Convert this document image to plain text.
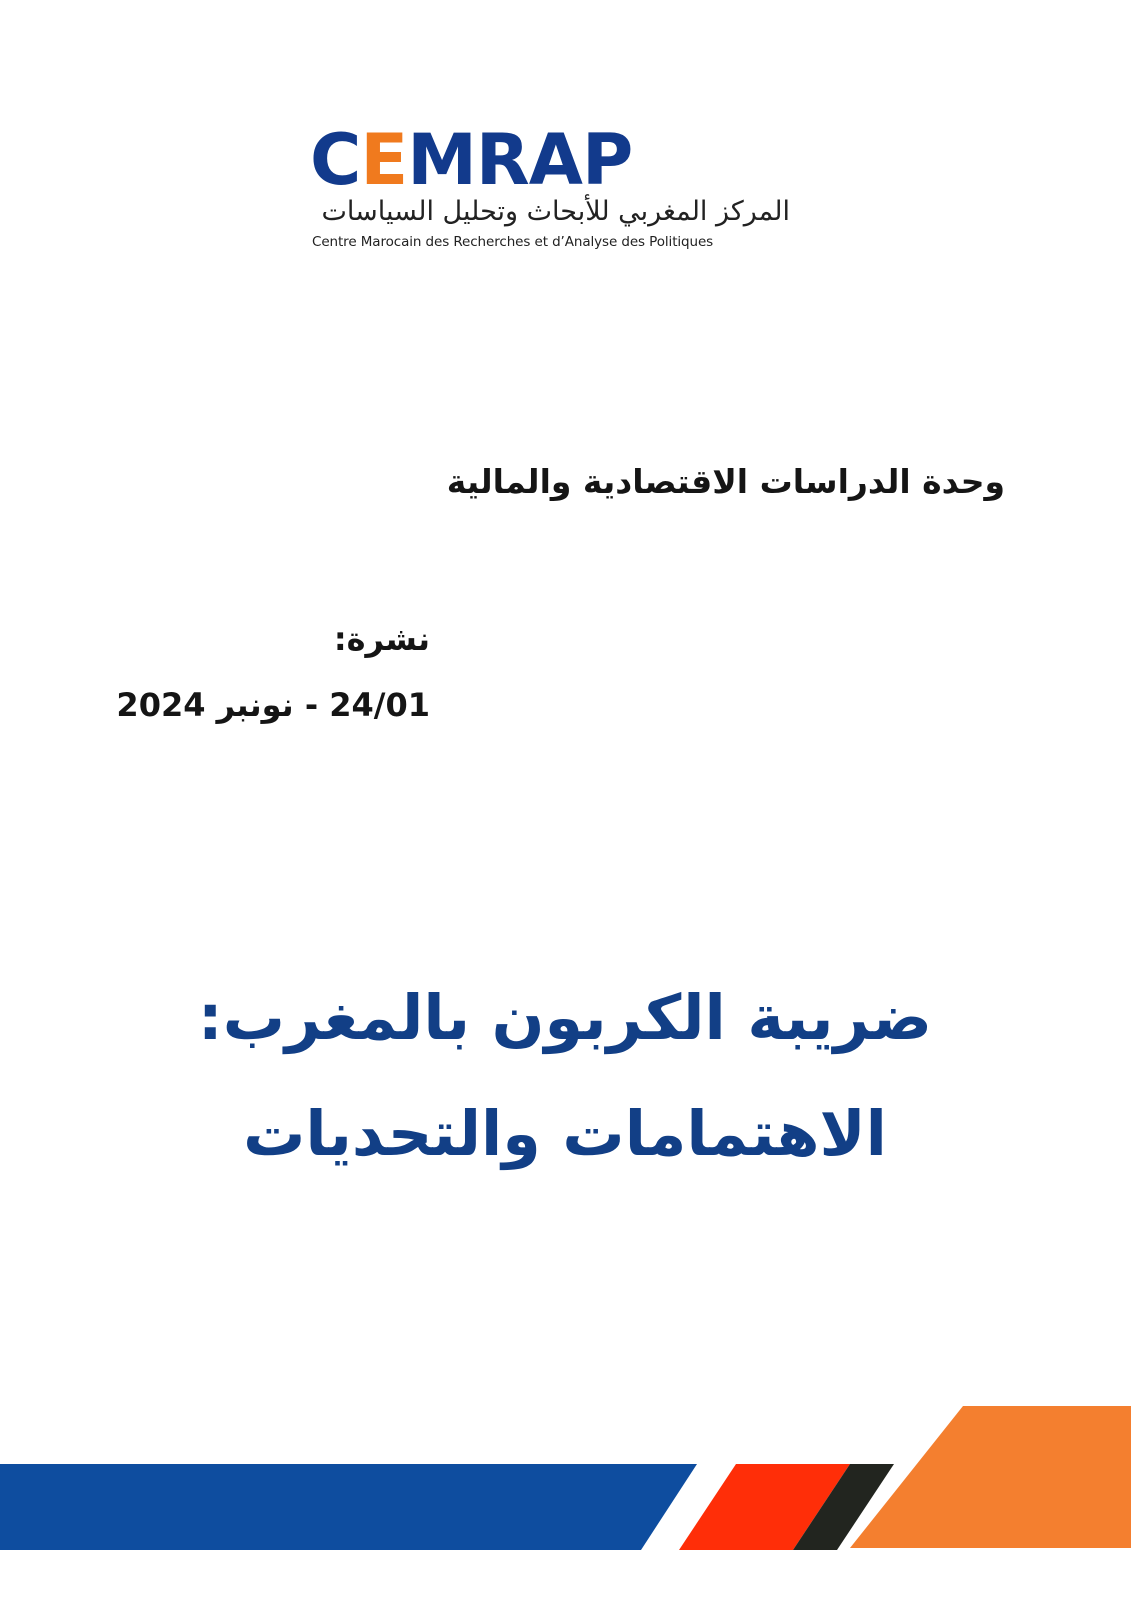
CEMRAP
المركز المغربي للأبحاث وتحليل السياسات
Centre Marocain des Recherches et d’Analyse des Politiques
وحدة الدراسات الاقتصادية والمالية
نشرة:
24/01 - نونبر 2024
ضريبة الكربون بالمغرب:
الاهتمامات والتحديات
